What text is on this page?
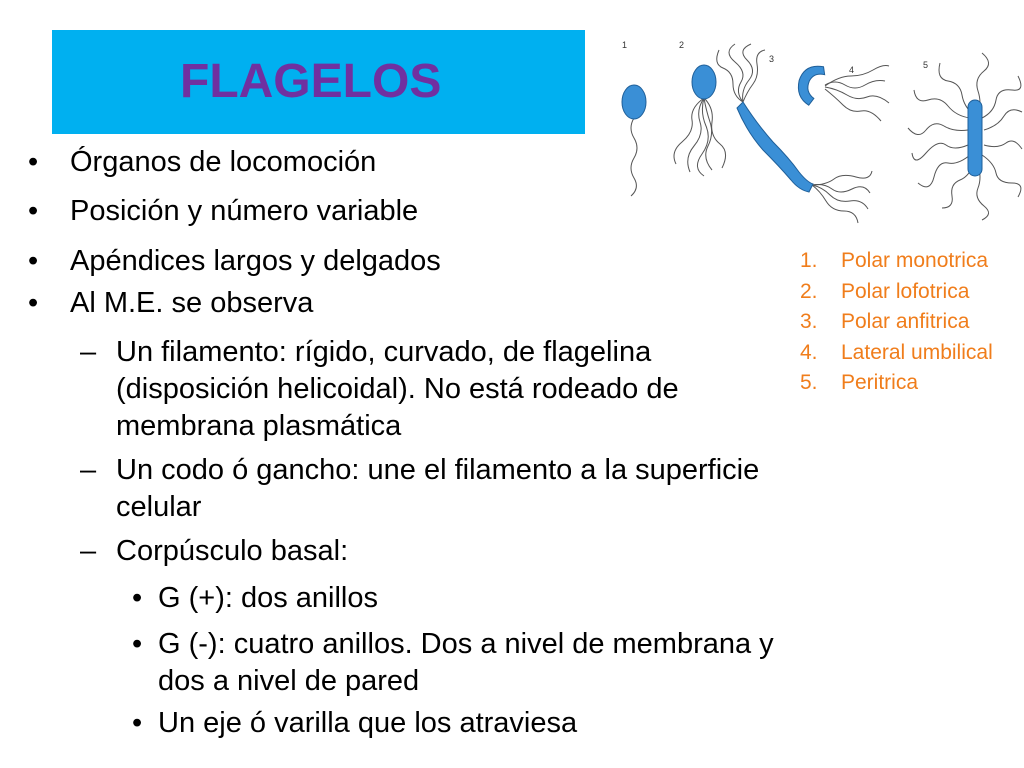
FLAGELOS
• Órganos de locomoción
• Posición y número variable
• Apéndices largos y delgados
• Al M.E. se observa
– Un filamento: rígido, curvado, de flagelina
(disposición helicoidal). No está rodeado de
membrana plasmática
– Un codo ó gancho: une el filamento a la superficie
celular
– Corpúsculo basal:
• G (+): dos anillos
• G (-): cuatro anillos. Dos a nivel de membrana y
dos a nivel de pared
• Un eje ó varilla que los atraviesa
1	2
3
4	5
1. Polar monotrica
2. Polar lofotrica
3. Polar anfitrica
4. Lateral umbilical
5. Peritrica
